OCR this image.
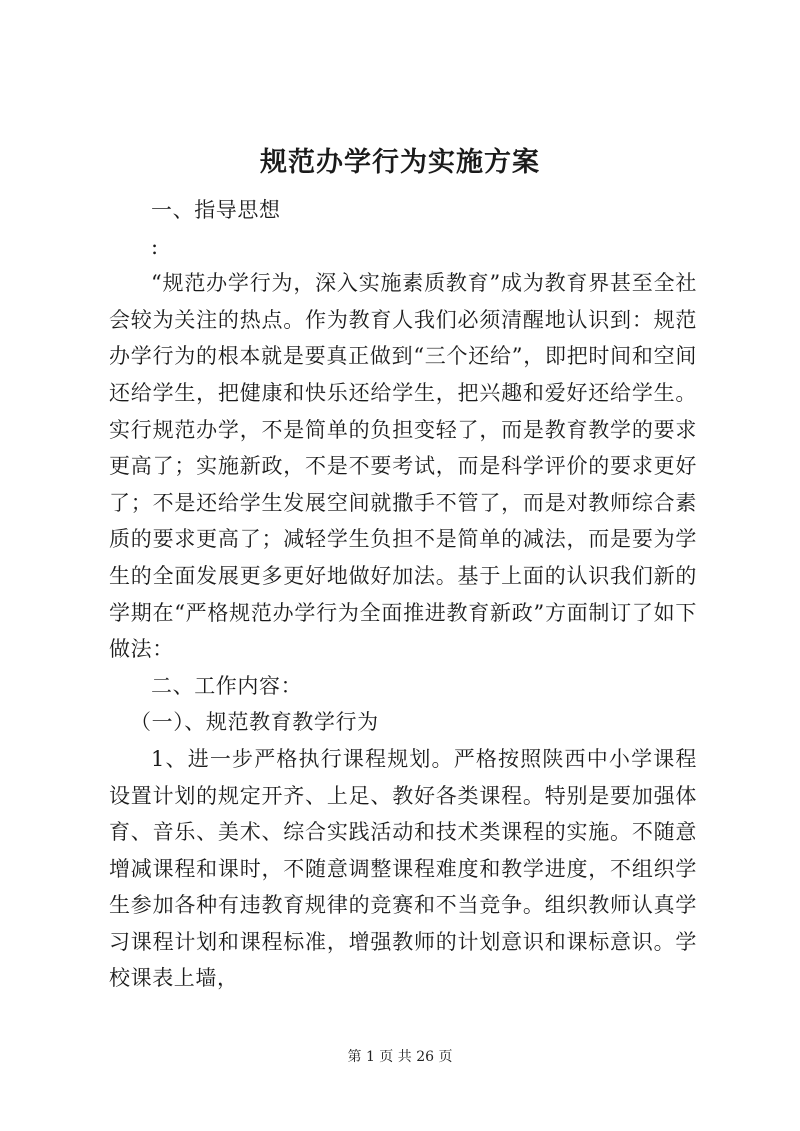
规范办学行为实施方案

一、指导思想

:

“规范办学行为，深入实施素质教育”成为教育界甚至全社会较为关注的热点。作为教育人我们必须清醒地认识到：规范办学行为的根本就是要真正做到“三个还给”，即把时间和空间还给学生，把健康和快乐还给学生，把兴趣和爱好还给学生。实行规范办学，不是简单的负担变轻了，而是教育教学的要求更高了；实施新政，不是不要考试，而是科学评价的要求更好了；不是还给学生发展空间就撒手不管了，而是对教师综合素质的要求更高了；减轻学生负担不是简单的减法，而是要为学生的全面发展更多更好地做好加法。基于上面的认识我们新的学期在“严格规范办学行为全面推进教育新政”方面制订了如下做法：

二、工作内容：

（一）、规范教育教学行为

1、进一步严格执行课程规划。严格按照陕西中小学课程设置计划的规定开齐、上足、教好各类课程。特别是要加强体育、音乐、美术、综合实践活动和技术类课程的实施。不随意增减课程和课时，不随意调整课程难度和教学进度，不组织学生参加各种有违教育规律的竞赛和不当竞争。组织教师认真学习课程计划和课程标准，增强教师的计划意识和课标意识。学校课表上墙，

第 1 页 共 26 页
